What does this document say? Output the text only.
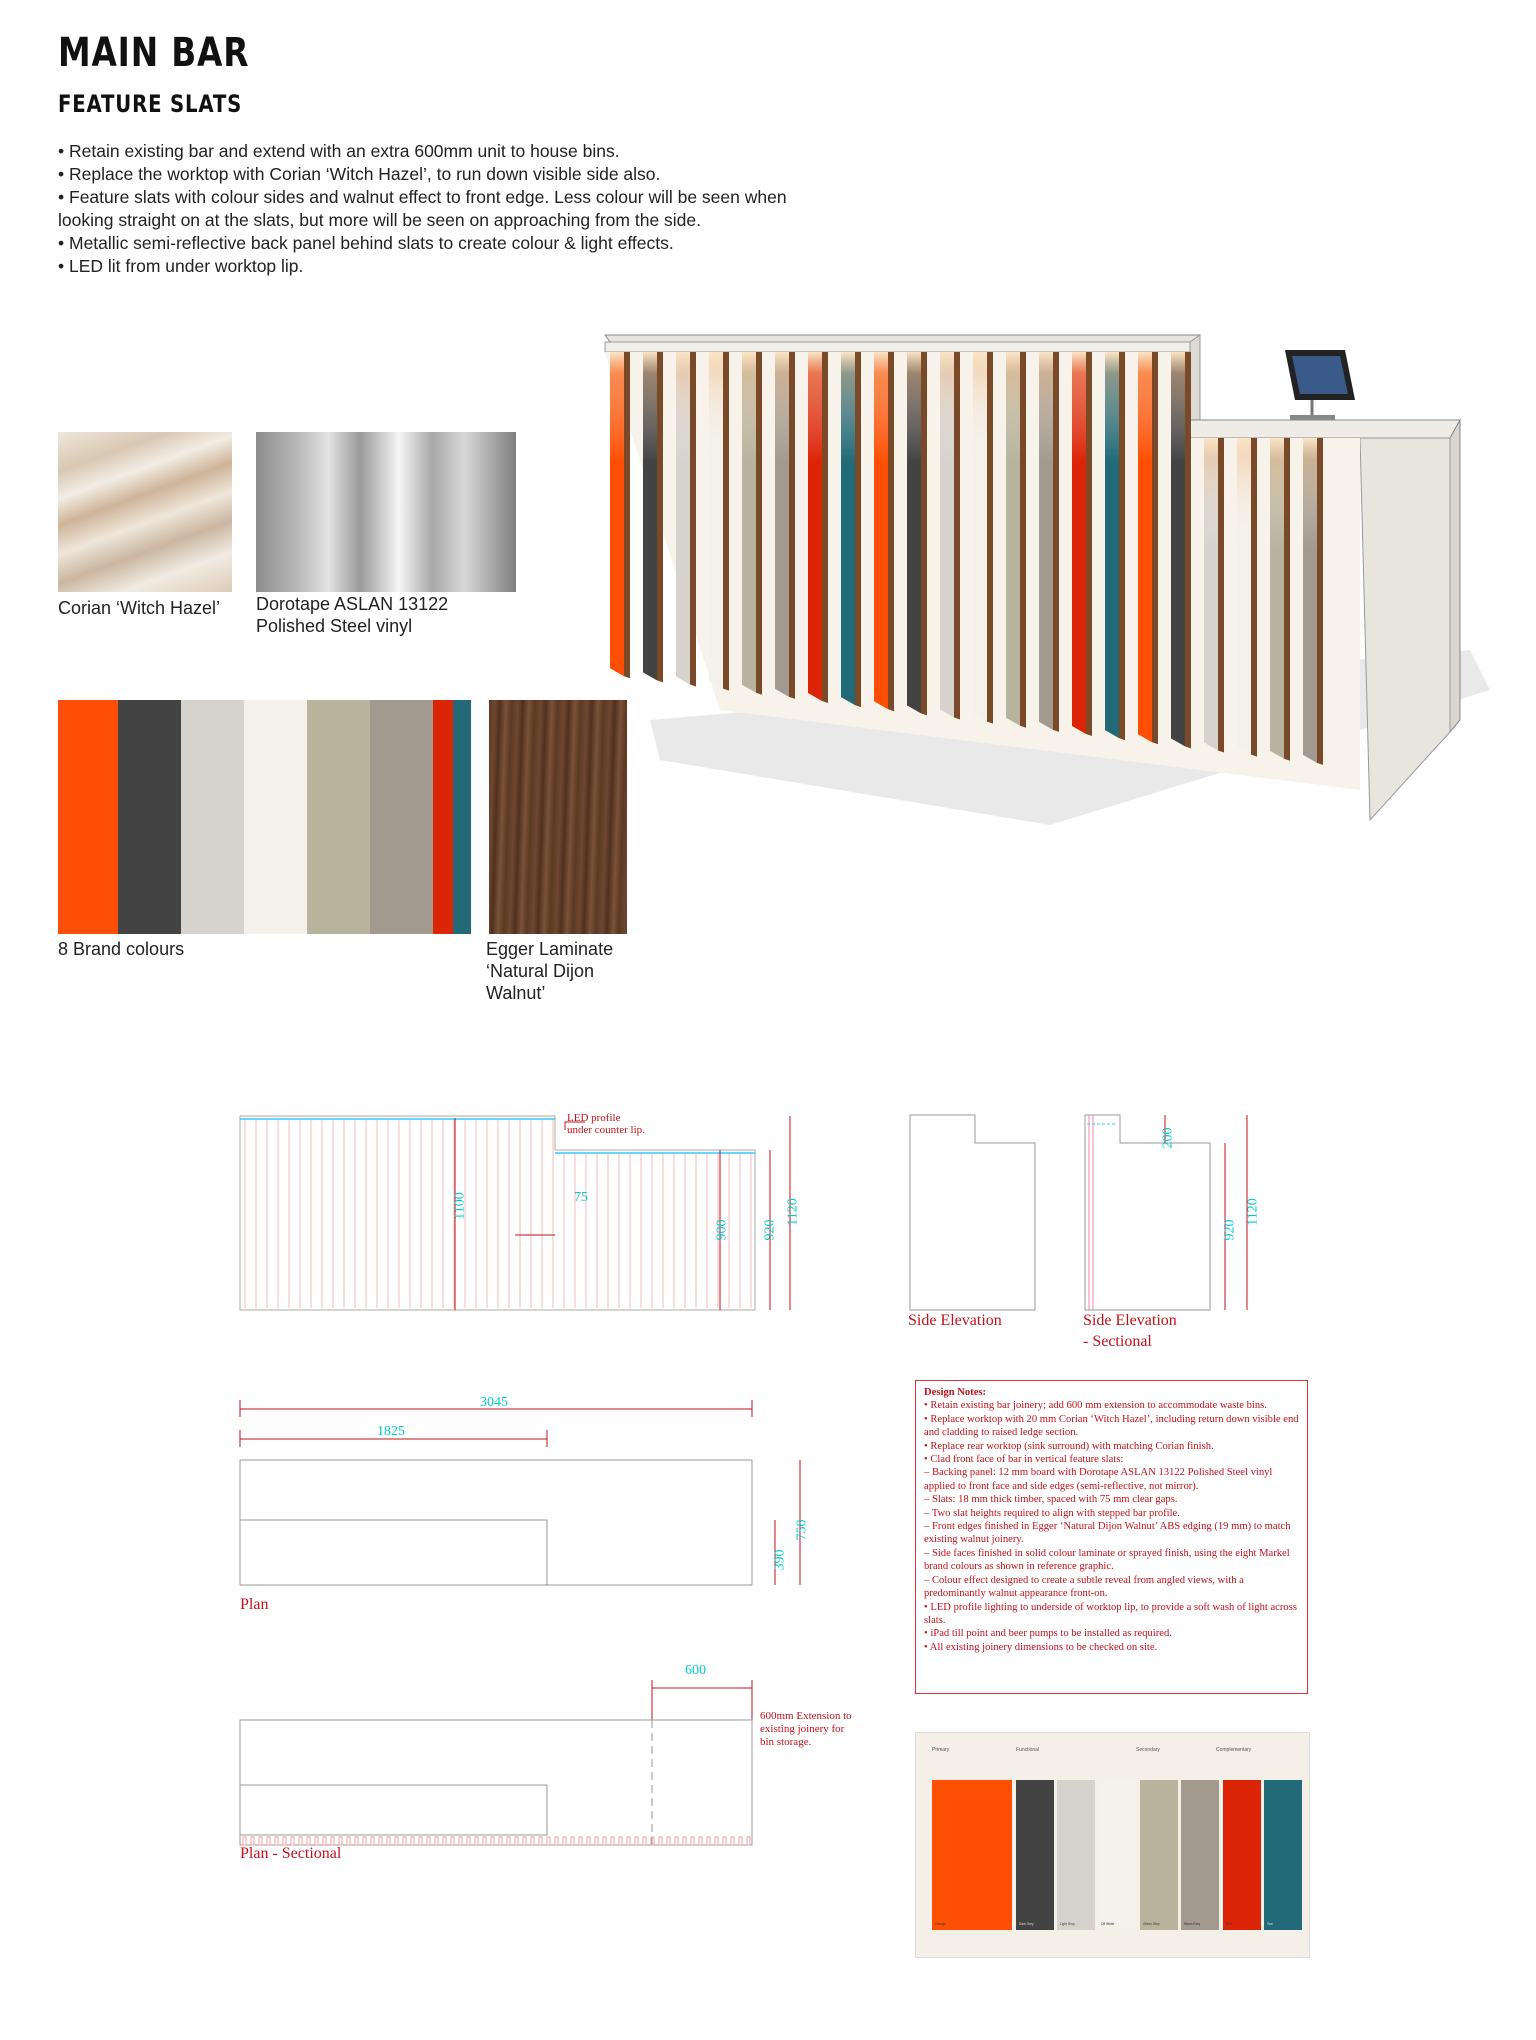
MAIN BAR
FEATURE SLATS
• Retain existing bar and extend with an extra 600mm unit to house bins.
• Replace the worktop with Corian ‘Witch Hazel’, to run down visible side also.
• Feature slats with colour sides and walnut effect to front edge. Less colour will be seen when looking straight on at the slats, but more will be seen on approaching from the side.
• Metallic semi-reflective back panel behind slats to create colour & light effects.
• LED lit from under worktop lip.
Corian ‘Witch Hazel’ Dorotape ASLAN 13122
Polished Steel vinyl
8 Brand colours	Egger Laminate
‘Natural Dijon
Walnut’
LED profile
under counter lip.
1100	75
900 920
1120
200
920
1120
Side Elevation	Side Elevation
- Sectional
3045
1825
390
750
Plan
600
600mm Extension to
existing joinery for
bin storage.
Plan - Sectional
Design Notes:
• Retain existing bar joinery; add 600 mm extension to accommodate waste bins.
• Replace worktop with 20 mm Corian ‘Witch Hazel’, including return down visible end and cladding to raised ledge section.
• Replace rear worktop (sink surround) with matching Corian finish.
• Clad front face of bar in vertical feature slats:
– Backing panel: 12 mm board with Dorotape ASLAN 13122 Polished Steel vinyl applied to front face and side edges (semi-reflective, not mirror).
– Slats: 18 mm thick timber, spaced with 75 mm clear gaps.
– Two slat heights required to align with stepped bar profile.
– Front edges finished in Egger ‘Natural Dijon Walnut’ ABS edging (19 mm) to match existing walnut joinery.
– Side faces finished in solid colour laminate or sprayed finish, using the eight Markel brand colours as shown in reference graphic.
– Colour effect designed to create a subtle reveal from angled views, with a predominantly walnut appearance front-on.
• LED profile lighting to underside of worktop lip, to provide a soft wash of light across slats.
• iPad till point and beer pumps to be installed as required.
• All existing joinery dimensions to be checked on site.
Primary	Functional	Secondary	Complementary
Orange	Dark Grey	Light Grey	Off White	Green Grey	Warm Grey	Red	Teal
